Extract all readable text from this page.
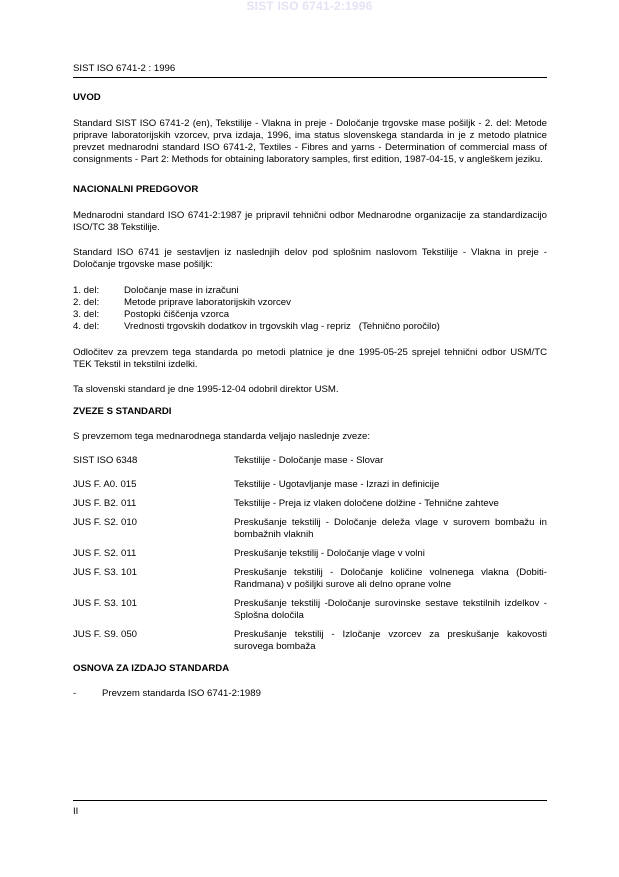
SIST ISO 6741-2:1996
SIST ISO 6741-2 : 1996
UVOD

Standard SIST ISO 6741-2 (en), Tekstilije - Vlakna in preje - Določanje trgovske mase pošiljk - 2. del: Metode priprave laboratorijskih vzorcev, prva izdaja, 1996, ima status slovenskega standarda in je z metodo platnice prevzet mednarodni standard ISO 6741-2, Textiles - Fibres and yarns - Determination of commercial mass of consignments - Part 2: Methods for obtaining laboratory samples, first edition, 1987-04-15, v angleškem jeziku.

NACIONALNI PREDGOVOR

Mednarodni standard ISO 6741-2:1987 je pripravil tehnični odbor Mednarodne organizacije za standardizacijo ISO/TC 38 Tekstilije.

Standard ISO 6741 je sestavljen iz naslednjih delov pod splošnim naslovom Tekstilije - Vlakna in preje - Določanje trgovske mase pošiljk:

1. del:	Določanje mase in izračuni
2. del:	Metode priprave laboratorijskih vzorcev
3. del:	Postopki čiščenja vzorca
4. del:	Vrednosti trgovskih dodatkov in trgovskih vlag - repriz   (Tehnično poročilo)

Odločitev za prevzem tega standarda po metodi platnice je dne 1995-05-25 sprejel tehnični odbor USM/TC TEK Tekstil in tekstilni izdelki.

Ta slovenski standard je dne 1995-12-04 odobril direktor USM.

ZVEZE S STANDARDI

S prevzemom tega mednarodnega standarda veljajo naslednje zveze:

SIST ISO 6348	Tekstilije - Določanje mase - Slovar
JUS F. A0. 015	Tekstilije - Ugotavljanje mase - Izrazi in definicije
JUS F. B2. 011	Tekstilije - Preja iz vlaken določene dolžine - Tehnične zahteve
JUS F. S2. 010	Preskušanje tekstilij - Določanje deleža vlage v surovem bombažu in bombažnih vlaknih
JUS F. S2. 011	Preskušanje tekstilij - Določanje vlage v volni
JUS F. S3. 101	Preskušanje tekstilij - Določanje količine volnenega vlakna (Dobiti-Randmana) v pošiljki surove ali delno oprane volne
JUS F. S3. 101	Preskušanje tekstilij -Določanje surovinske sestave tekstilnih izdelkov - Splošna določila
JUS F. S9. 050	Preskušanje tekstilij - Izločanje vzorcev za preskušanje kakovosti surovega bombaža
OSNOVA ZA IZDAJO STANDARDA
-	Prevzem standarda ISO 6741-2:1989
II
